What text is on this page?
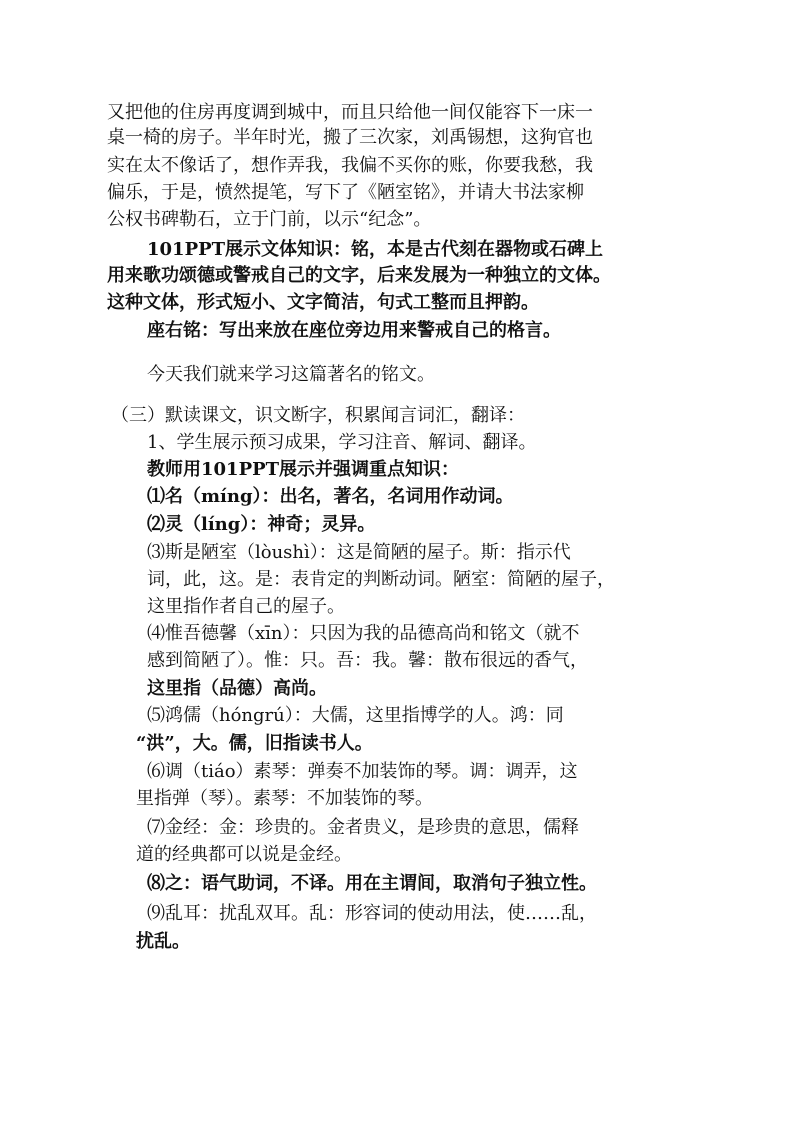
又把他的住房再度调到城中，而且只给他一间仅能容下一床一
桌一椅的房子。半年时光，搬了三次家，刘禹锡想，这狗官也
实在太不像话了，想作弄我，我偏不买你的账，你要我愁，我
偏乐，于是，愤然提笔，写下了《陋室铭》，并请大书法家柳
公权书碑勒石，立于门前，以示“纪念”。
101PPT展示文体知识：铭，本是古代刻在器物或石碑上
用来歌功颂德或警戒自己的文字，后来发展为一种独立的文体。
这种文体，形式短小、文字简洁，句式工整而且押韵。
座右铭：写出来放在座位旁边用来警戒自己的格言。
今天我们就来学习这篇著名的铭文。
（三）默读课文，识文断字，积累闻言词汇，翻译：
1、学生展示预习成果，学习注音、解词、翻译。
教师用101PPT展示并强调重点知识：
⑴名（míng）：出名，著名，名词用作动词。
⑵灵（líng）：神奇；灵异。
⑶斯是陋室（lòushì）：这是简陋的屋子。斯：指示代
词，此，这。是：表肯定的判断动词。陋室：简陋的屋子，
这里指作者自己的屋子。
⑷惟吾德馨（xīn）：只因为我的品德高尚和铭文（就不
感到简陋了）。惟：只。吾：我。馨：散布很远的香气，
这里指（品德）高尚。
⑸鸿儒（hóngrú）：大儒，这里指博学的人。鸿：同
“洪”，大。儒，旧指读书人。
⑹调（tiáo）素琴：弹奏不加装饰的琴。调：调弄，这
里指弹（琴）。素琴：不加装饰的琴。
⑺金经：金：珍贵的。金者贵义，是珍贵的意思，儒释
道的经典都可以说是金经。
⑻之：语气助词，不译。用在主谓间，取消句子独立性。
⑼乱耳：扰乱双耳。乱：形容词的使动用法，使……乱，
扰乱。
